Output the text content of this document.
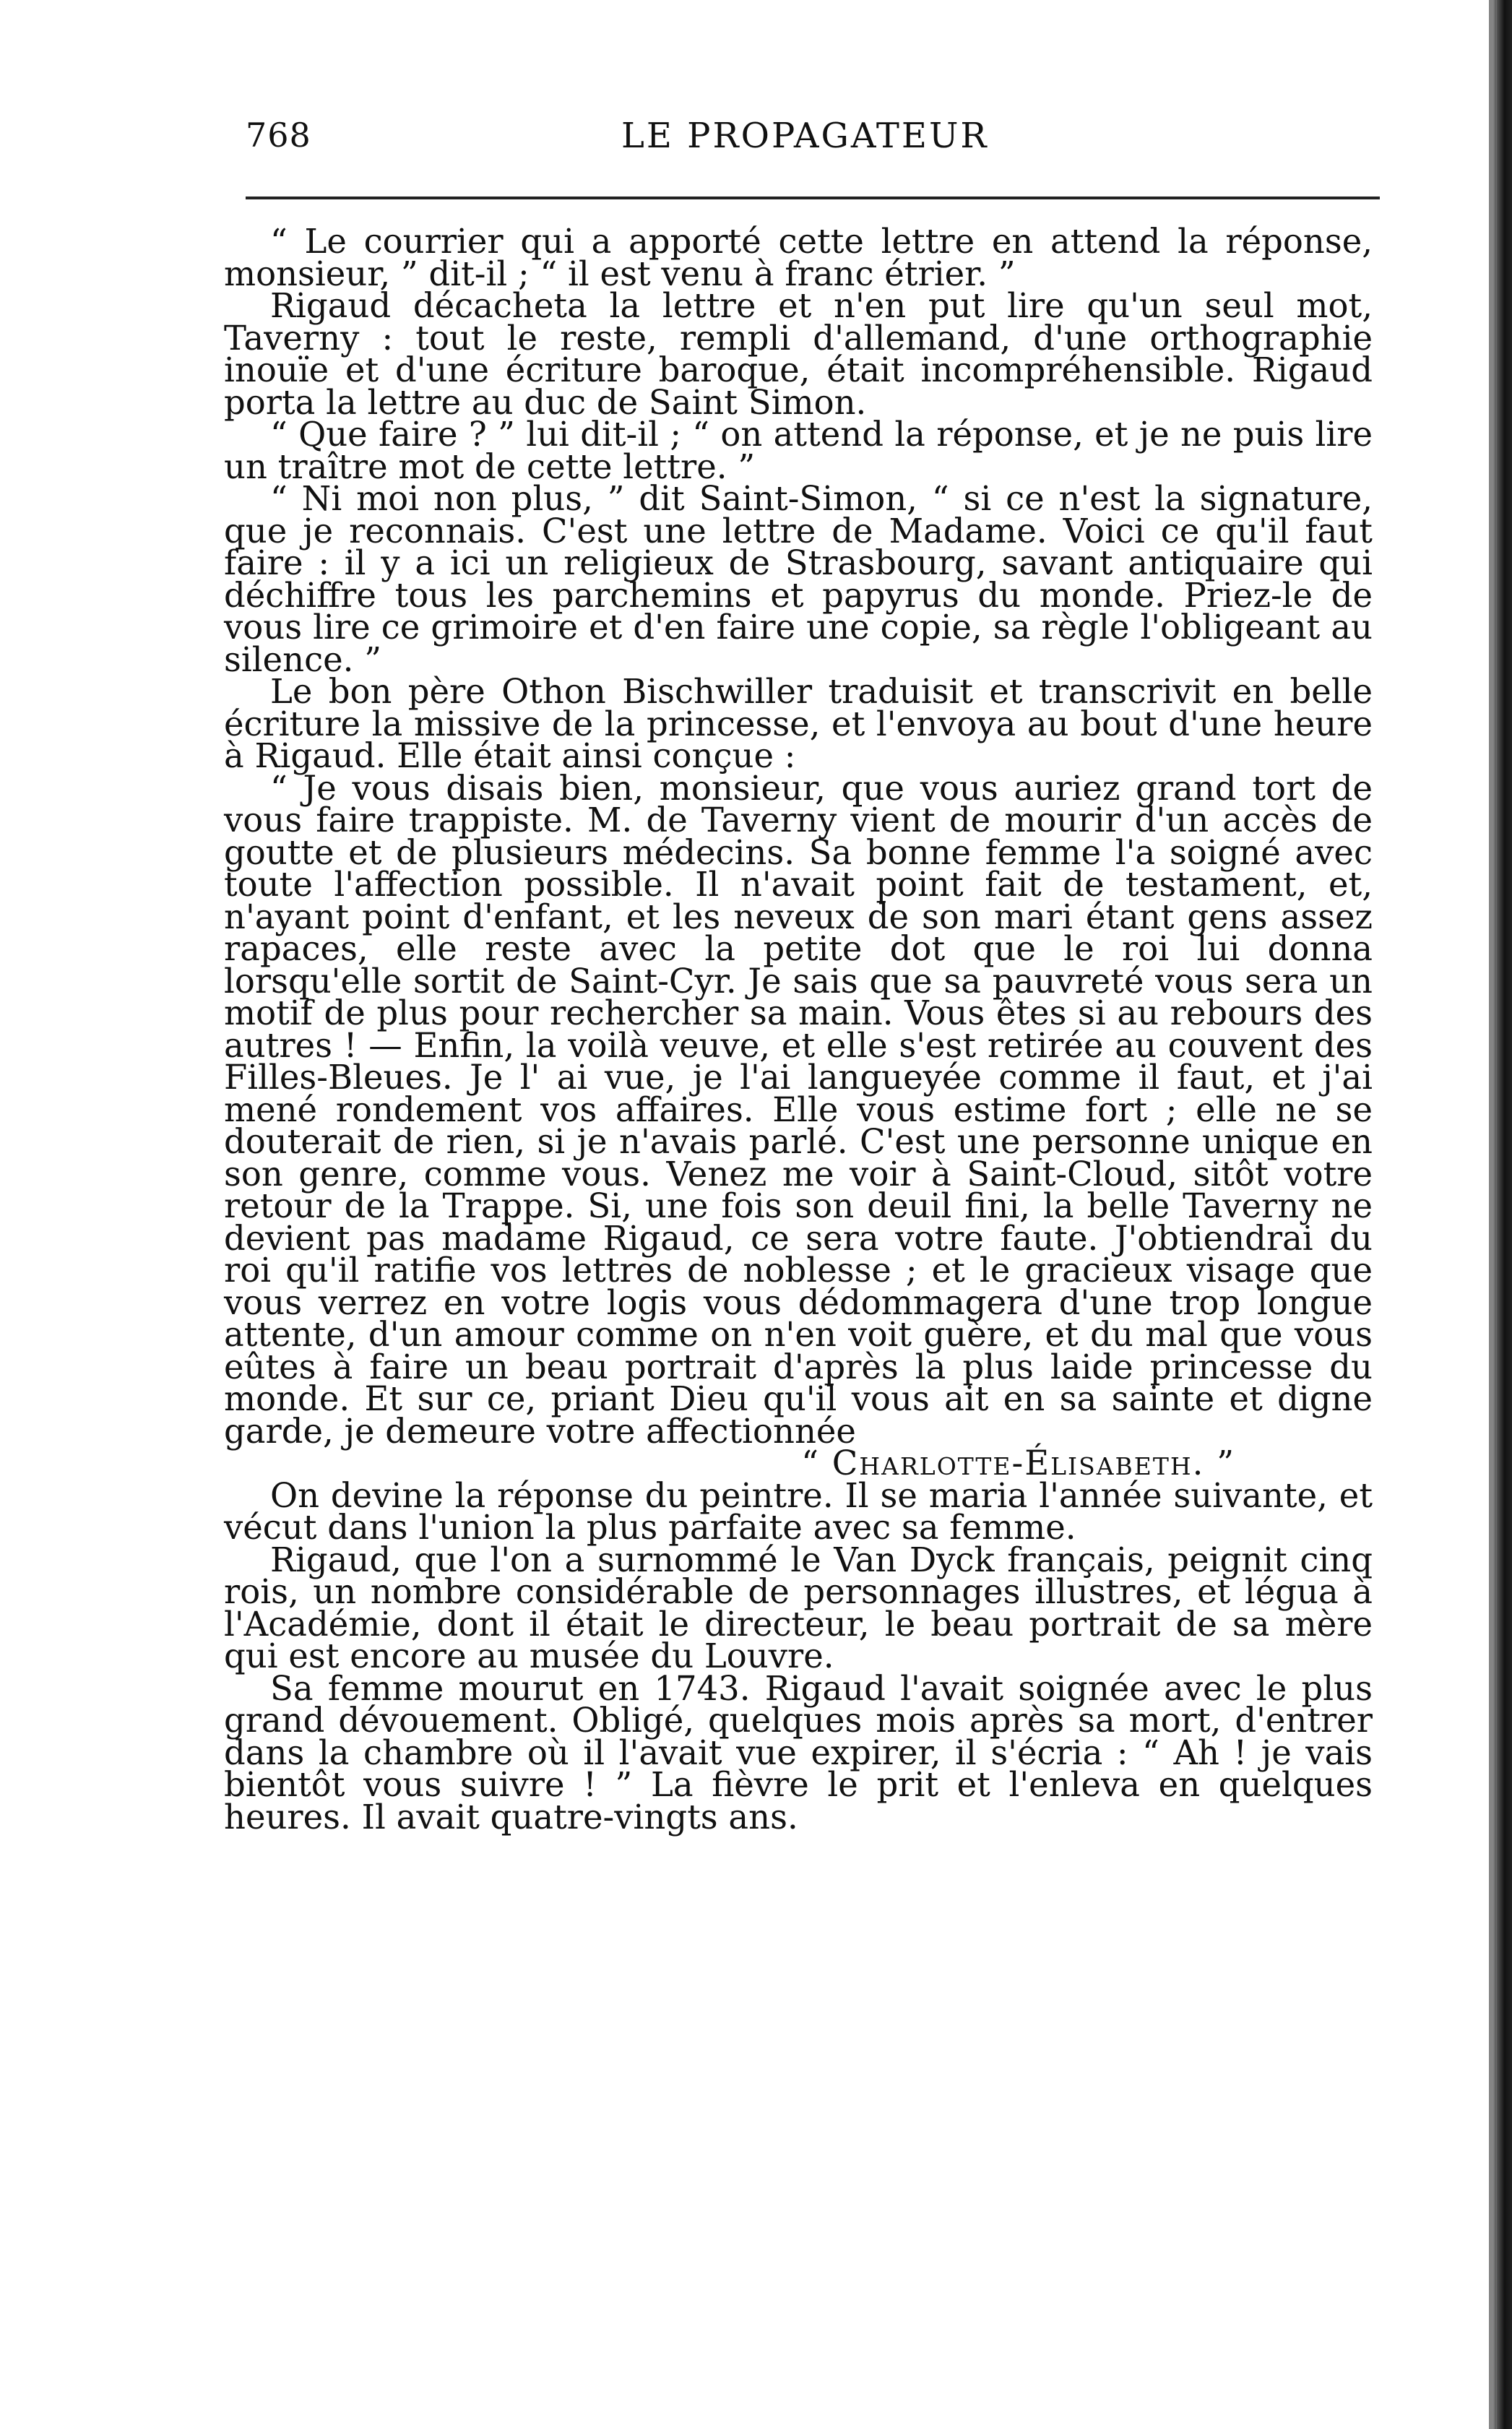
768	LE PROPAGATEUR

“ Le courrier qui a apporté cette lettre en attend la réponse, monsieur, ” dit-il ; “ il est venu à franc étrier. ”

Rigaud décacheta la lettre et n'en put lire qu'un seul mot, Taverny : tout le reste, rempli d'allemand, d'une orthographie inouïe et d'une écriture baroque, était incompréhensible. Rigaud porta la lettre au duc de Saint Simon.

“ Que faire ? ” lui dit-il ; “ on attend la réponse, et je ne puis lire un traître mot de cette lettre. ”

“ Ni moi non plus, ” dit Saint-Simon, “ si ce n'est la signature, que je reconnais. C'est une lettre de Madame. Voici ce qu'il faut faire : il y a ici un religieux de Strasbourg, savant antiquaire qui déchiffre tous les parchemins et papyrus du monde. Priez-le de vous lire ce grimoire et d'en faire une copie, sa règle l'obligeant au silence. ”

Le bon père Othon Bischwiller traduisit et transcrivit en belle écriture la missive de la princesse, et l'envoya au bout d'une heure à Rigaud. Elle était ainsi conçue :

“ Je vous disais bien, monsieur, que vous auriez grand tort de vous faire trappiste. M. de Taverny vient de mourir d'un accès de goutte et de plusieurs médecins. Sa bonne femme l'a soigné avec toute l'affection possible. Il n'avait point fait de testament, et, n'ayant point d'enfant, et les neveux de son mari étant gens assez rapaces, elle reste avec la petite dot que le roi lui donna lorsqu'elle sortit de Saint-Cyr. Je sais que sa pauvreté vous sera un motif de plus pour rechercher sa main. Vous êtes si au rebours des autres ! — Enfin, la voilà veuve, et elle s'est retirée au couvent des Filles-Bleues. Je l' ai vue, je l'ai langueyée comme il faut, et j'ai mené rondement vos affaires. Elle vous estime fort ; elle ne se douterait de rien, si je n'avais parlé. C'est une personne unique en son genre, comme vous. Venez me voir à Saint-Cloud, sitôt votre retour de la Trappe. Si, une fois son deuil fini, la belle Taverny ne devient pas madame Rigaud, ce sera votre faute. J'obtiendrai du roi qu'il ratifie vos lettres de noblesse ; et le gracieux visage que vous verrez en votre logis vous dédommagera d'une trop longue attente, d'un amour comme on n'en voit guère, et du mal que vous eûtes à faire un beau portrait d'après la plus laide princesse du monde. Et sur ce, priant Dieu qu'il vous ait en sa sainte et digne garde, je demeure votre affectionnée

“ Charlotte-Élisabeth. ”

On devine la réponse du peintre. Il se maria l'année suivante, et vécut dans l'union la plus parfaite avec sa femme.

Rigaud, que l'on a surnommé le Van Dyck français, peignit cinq rois, un nombre considérable de personnages illustres, et légua à l'Académie, dont il était le directeur, le beau portrait de sa mère qui est encore au musée du Louvre.

Sa femme mourut en 1743. Rigaud l'avait soignée avec le plus grand dévouement. Obligé, quelques mois après sa mort, d'entrer dans la chambre où il l'avait vue expirer, il s'écria : “ Ah ! je vais bientôt vous suivre ! ” La fièvre le prit et l'enleva en quelques heures. Il avait quatre-vingts ans.
